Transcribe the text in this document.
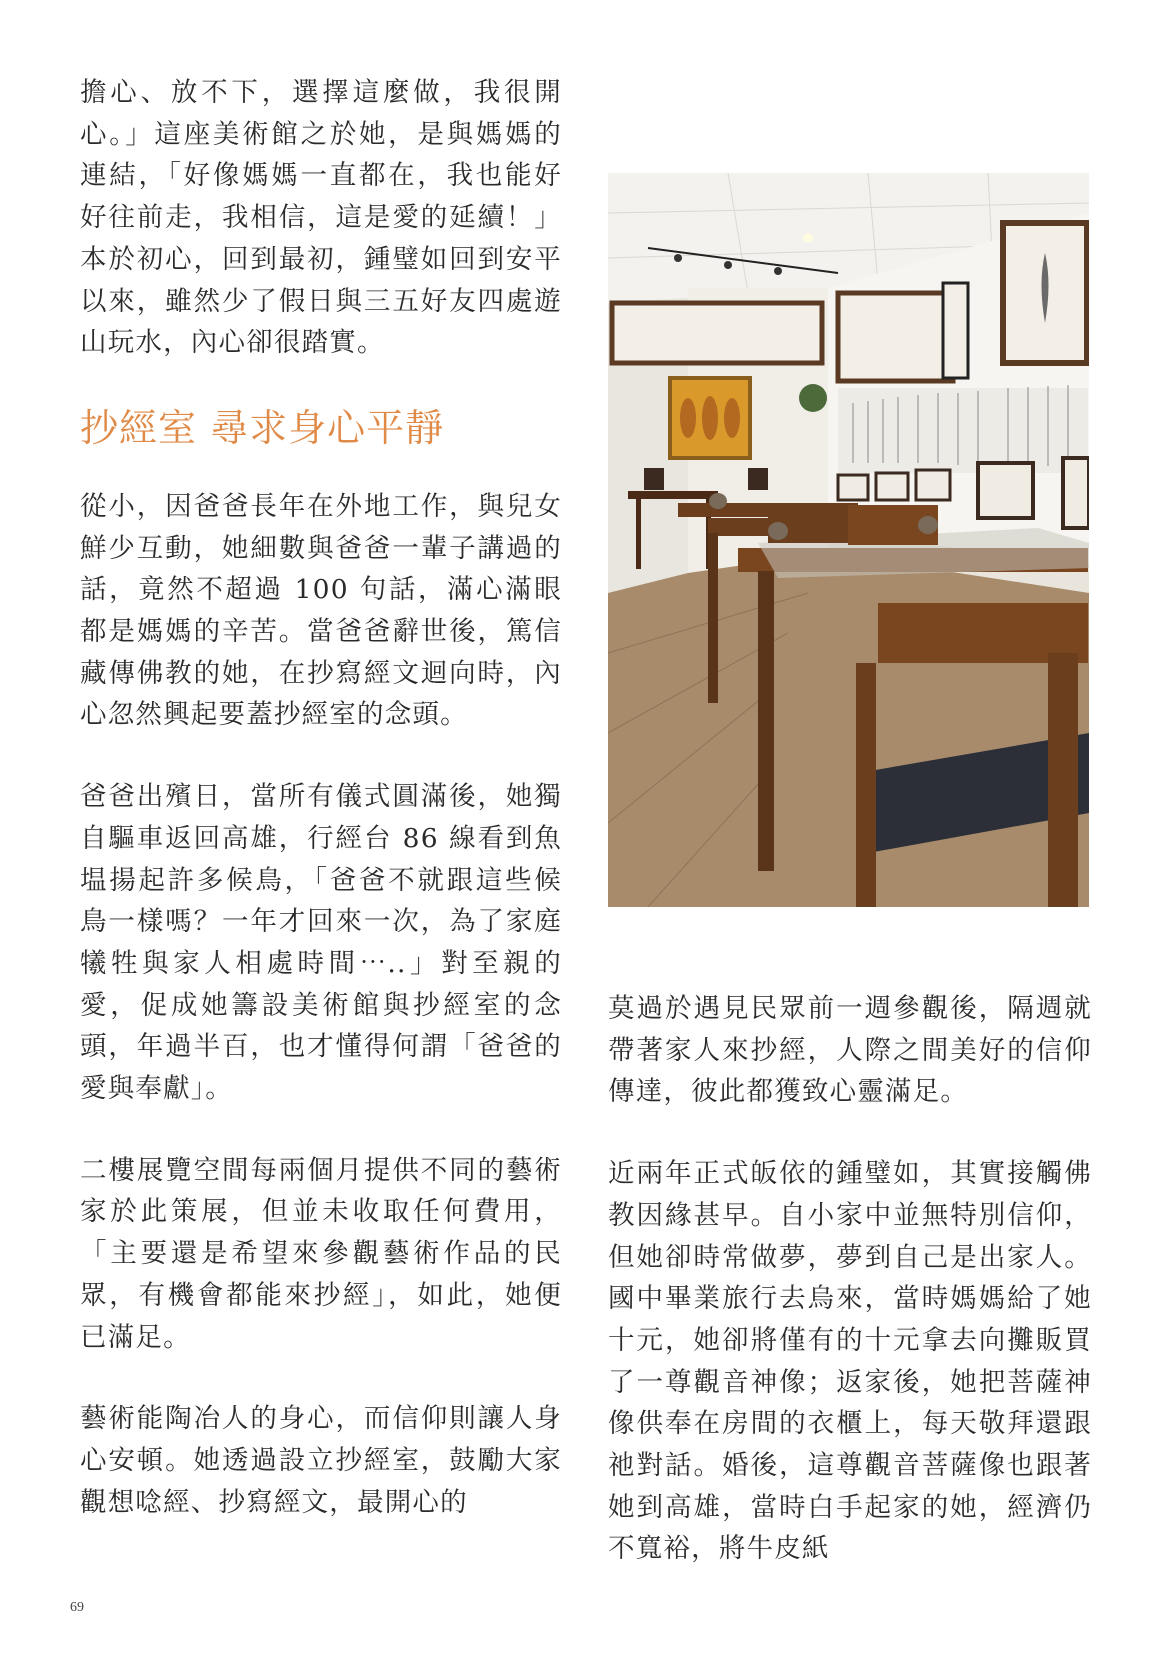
擔心、放不下，選擇這麼做，我很開心。」這座美術館之於她，是與媽媽的連結，「好像媽媽一直都在，我也能好好往前走，我相信，這是愛的延續！」本於初心，回到最初，鍾璧如回到安平以來，雖然少了假日與三五好友四處遊山玩水，內心卻很踏實。

抄經室 尋求身心平靜

從小，因爸爸長年在外地工作，與兒女鮮少互動，她細數與爸爸一輩子講過的話，竟然不超過 100 句話，滿心滿眼都是媽媽的辛苦。當爸爸辭世後，篤信藏傳佛教的她，在抄寫經文迴向時，內心忽然興起要蓋抄經室的念頭。

爸爸出殯日，當所有儀式圓滿後，她獨自驅車返回高雄，行經台 86 線看到魚塭揚起許多候鳥，「爸爸不就跟這些候鳥一樣嗎？一年才回來一次，為了家庭犧牲與家人相處時間⋯..」對至親的愛，促成她籌設美術館與抄經室的念頭，年過半百，也才懂得何謂「爸爸的愛與奉獻」。

二樓展覽空間每兩個月提供不同的藝術家於此策展，但並未收取任何費用，「主要還是希望來參觀藝術作品的民眾，有機會都能來抄經」，如此，她便已滿足。

藝術能陶冶人的身心，而信仰則讓人身心安頓。她透過設立抄經室，鼓勵大家觀想唸經、抄寫經文，最開心的

莫過於遇見民眾前一週參觀後，隔週就帶著家人來抄經，人際之間美好的信仰傳達，彼此都獲致心靈滿足。

近兩年正式皈依的鍾璧如，其實接觸佛教因緣甚早。自小家中並無特別信仰，但她卻時常做夢，夢到自己是出家人。國中畢業旅行去烏來，當時媽媽給了她十元，她卻將僅有的十元拿去向攤販買了一尊觀音神像；返家後，她把菩薩神像供奉在房間的衣櫃上，每天敬拜還跟祂對話。婚後，這尊觀音菩薩像也跟著她到高雄，當時白手起家的她，經濟仍不寬裕，將牛皮紙

69
